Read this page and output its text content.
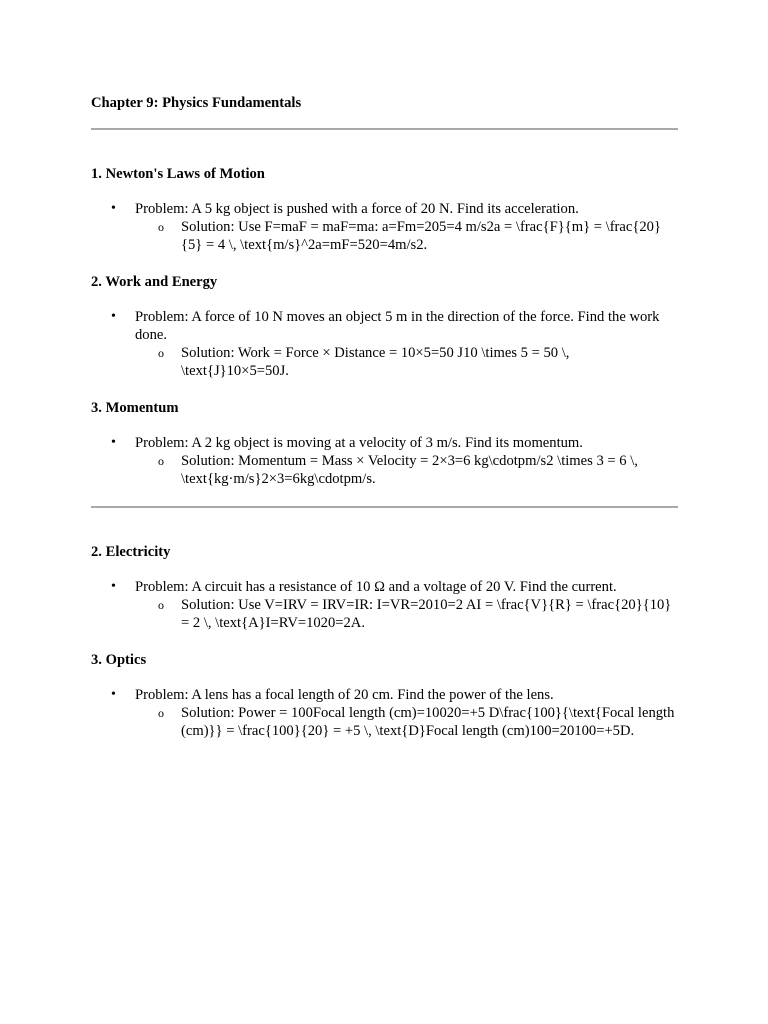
Chapter 9: Physics Fundamentals
1. Newton's Laws of Motion
• Problem: A 5 kg object is pushed with a force of 20 N. Find its acceleration.
o Solution: Use F=maF = maF=ma: a=Fm=205=4 m/s2a = \frac{F}{m} = \frac{20}{5} = 4 \, \text{m/s}^2a=mF=520=4m/s2.
2. Work and Energy
• Problem: A force of 10 N moves an object 5 m in the direction of the force. Find the work done.
o Solution: Work = Force × Distance = 10×5=50 J10 \times 5 = 50 \, \text{J}10×5=50J.
3. Momentum
• Problem: A 2 kg object is moving at a velocity of 3 m/s. Find its momentum.
o Solution: Momentum = Mass × Velocity = 2×3=6 kg\cdotpm/s2 \times 3 = 6 \, \text{kg·m/s}2×3=6kg\cdotpm/s.
2. Electricity
• Problem: A circuit has a resistance of 10 Ω and a voltage of 20 V. Find the current.
o Solution: Use V=IRV = IRV=IR: I=VR=2010=2 AI = \frac{V}{R} = \frac{20}{10} = 2 \, \text{A}I=RV=1020=2A.
3. Optics
• Problem: A lens has a focal length of 20 cm. Find the power of the lens.
o Solution: Power = 100Focal length (cm)=10020=+5 D\frac{100}{\text{Focal length (cm)}} = \frac{100}{20} = +5 \, \text{D}Focal length (cm)100=20100=+5D.
